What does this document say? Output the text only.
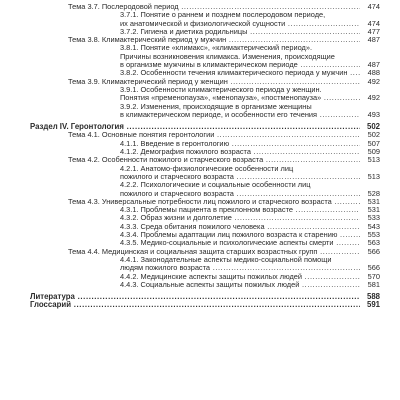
Тема 3.7. Послеродовой период .....	474
3.7.1. Понятие о раннем и позднем послеродовом периоде,
их анатомической и физиологической сущности .....	474
3.7.2. Гигиена и диетика родильницы .....	477
Тема 3.8. Климактерический период у мужчин .....	487
3.8.1. Понятие «климакс», «климактерический период».
Причины возникновения климакса. Изменения, происходящие
в организме мужчины в климактерическом периоде .....	487
3.8.2. Особенности течения климактерического периода у мужчин .....	488
Тема 3.9. Климактерический период у женщин .....	492
3.9.1. Особенности климактерического периода у женщин.
Понятия «пременопауза», «менопауза», «постменопауза» .....	492
3.9.2. Изменения, происходящие в организме женщины
в климактерическом периоде, и особенности его течения .....	493
Раздел IV. Геронтология .....	502
Тема 4.1. Основные понятия геронтологии .....	502
4.1.1. Введение в геронтологию .....	507
4.1.2. Демография пожилого возраста .....	509
Тема 4.2. Особенности пожилого и старческого возраста .....	513
4.2.1. Анатомо-физиологические особенности лиц
пожилого и старческого возраста .....	513
4.2.2. Психологические и социальные особенности лиц
пожилого и старческого возраста .....	528
Тема 4.3. Универсальные потребности лиц пожилого и старческого возраста .....	531
4.3.1. Проблемы пациента в преклонном возрасте .....	531
4.3.2. Образ жизни и долголетие .....	533
4.3.3. Среда обитания пожилого человека .....	543
4.3.4. Проблемы адаптации лиц пожилого возраста к старению .....	553
4.3.5. Медико-социальные и психологические аспекты смерти .....	563
Тема 4.4. Медицинская и социальная защита старших возрастных групп .....	566
4.4.1. Законодательные аспекты медико-социальной помощи
людям пожилого возраста .....	566
4.4.2. Медицинские аспекты защиты пожилых людей .....	570
4.4.3. Социальные аспекты защиты пожилых людей .....	581
Литература .....	588
Глоссарий .....	591
